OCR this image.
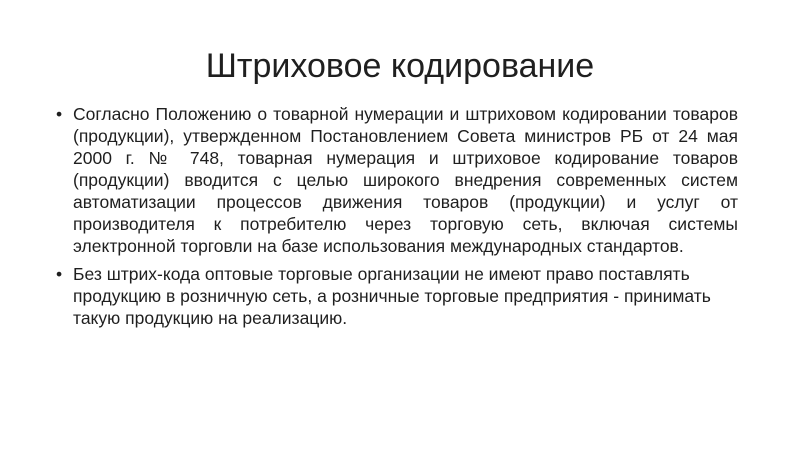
Штриховое кодирование
• Согласно Положению о товарной нумерации и штриховом кодировании товаров (продукции), утвержденном Постановлением Совета министров РБ от 24 мая 2000 г. № 748, товарная нумерация и штриховое кодирование товаров (продукции) вводится с целью широкого внедрения современных систем автоматизации процессов движения товаров (продукции) и услуг от производителя к потребителю через торговую сеть, включая системы электронной торговли на базе использования международных стандартов.
• Без штрих-кода оптовые торговые организации не имеют право поставлять продукцию в розничную сеть, а розничные торговые предприятия - принимать такую продукцию на реализацию.
